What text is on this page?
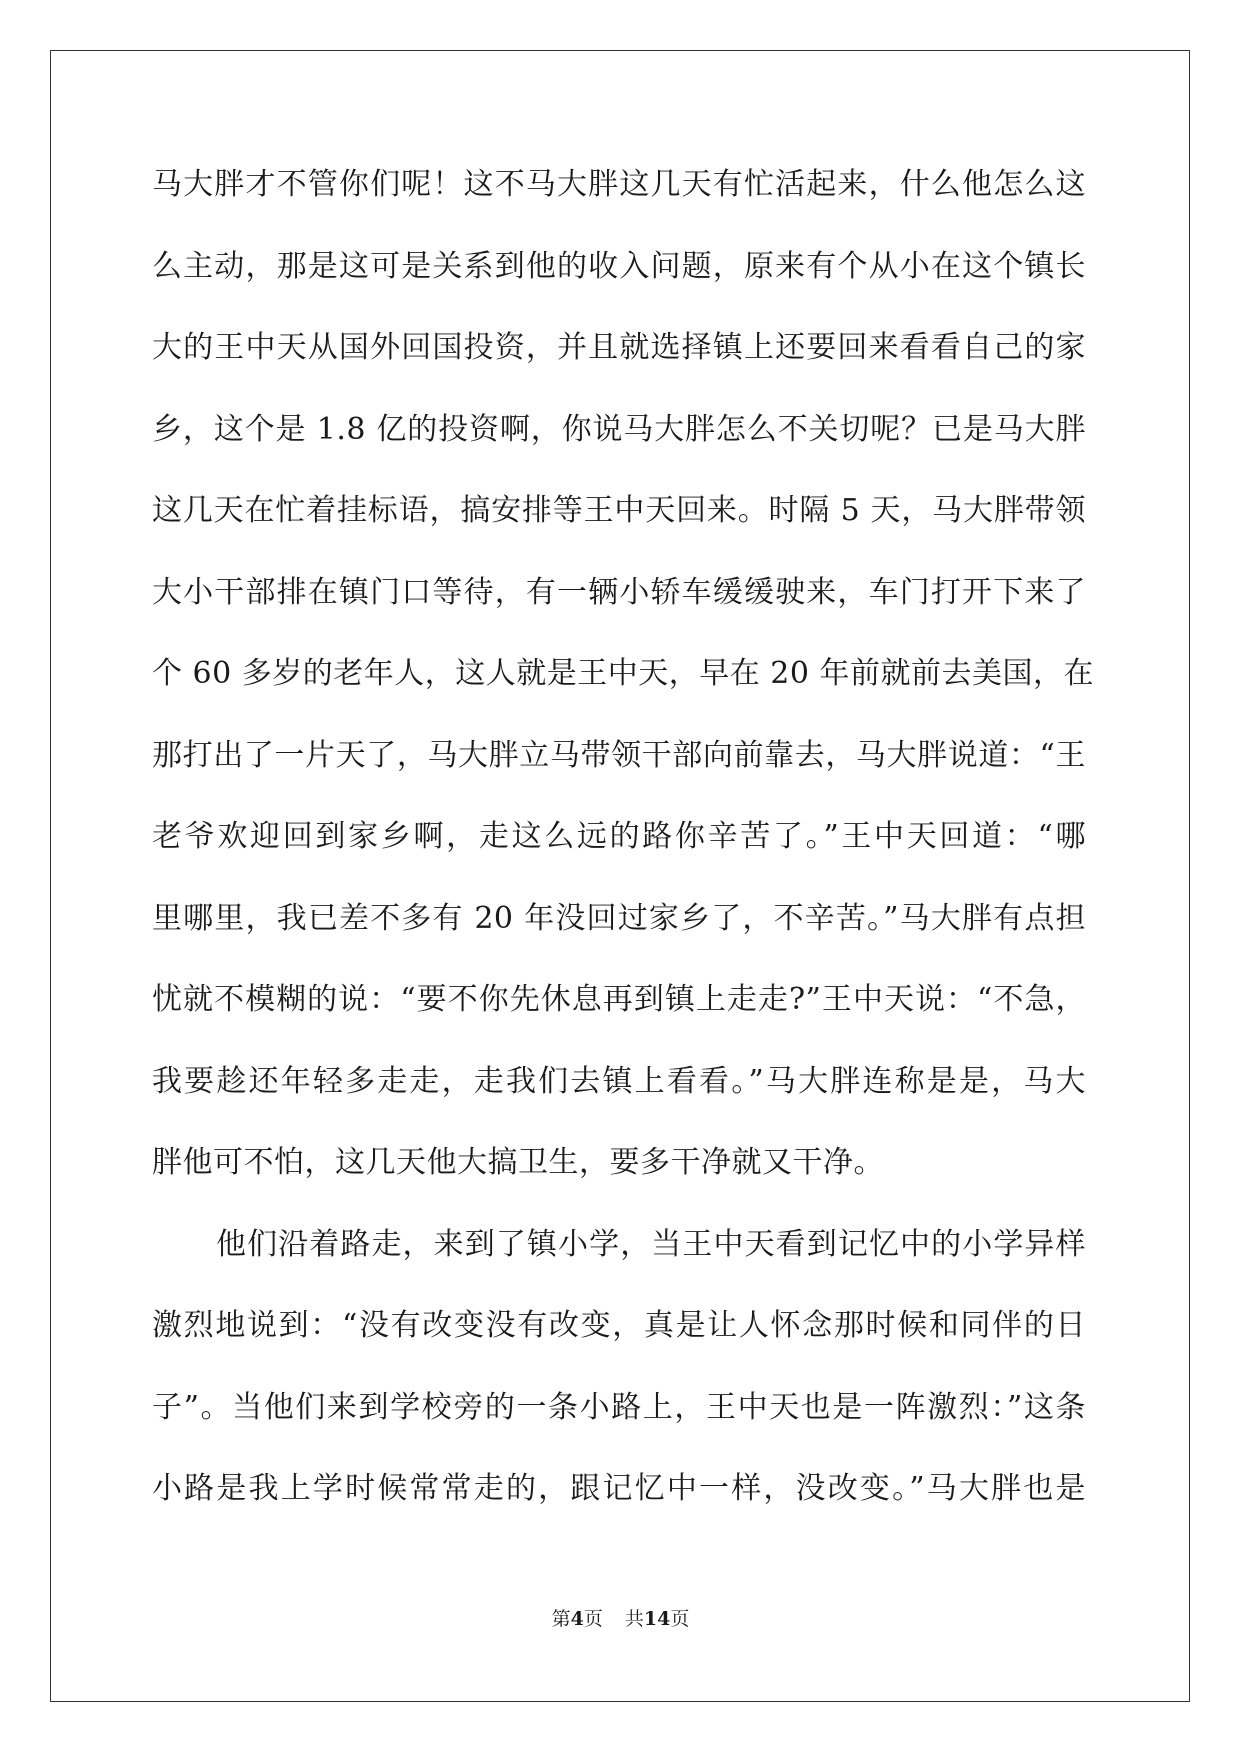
马大胖才不管你们呢！这不马大胖这几天有忙活起来，什么他怎么这
么主动，那是这可是关系到他的收入问题，原来有个从小在这个镇长
大的王中天从国外回国投资，并且就选择镇上还要回来看看自己的家
乡，这个是 1.8 亿的投资啊，你说马大胖怎么不关切呢？已是马大胖
这几天在忙着挂标语，搞安排等王中天回来。时隔 5 天，马大胖带领
大小干部排在镇门口等待，有一辆小轿车缓缓驶来，车门打开下来了
个 60 多岁的老年人，这人就是王中天，早在 20 年前就前去美国，在
那打出了一片天了，马大胖立马带领干部向前靠去，马大胖说道：“王
老爷欢迎回到家乡啊，走这么远的路你辛苦了。”王中天回道：“哪
里哪里，我已差不多有 20 年没回过家乡了，不辛苦。”马大胖有点担
忧就不模糊的说：“要不你先休息再到镇上走走?”王中天说：“不急，
我要趁还年轻多走走，走我们去镇上看看。”马大胖连称是是，马大
胖他可不怕，这几天他大搞卫生，要多干净就又干净。
他们沿着路走，来到了镇小学，当王中天看到记忆中的小学异样
激烈地说到：“没有改变没有改变，真是让人怀念那时候和同伴的日
子”。当他们来到学校旁的一条小路上，王中天也是一阵激烈：”这条
小路是我上学时候常常走的，跟记忆中一样，没改变。”马大胖也是
第4页 共14页
